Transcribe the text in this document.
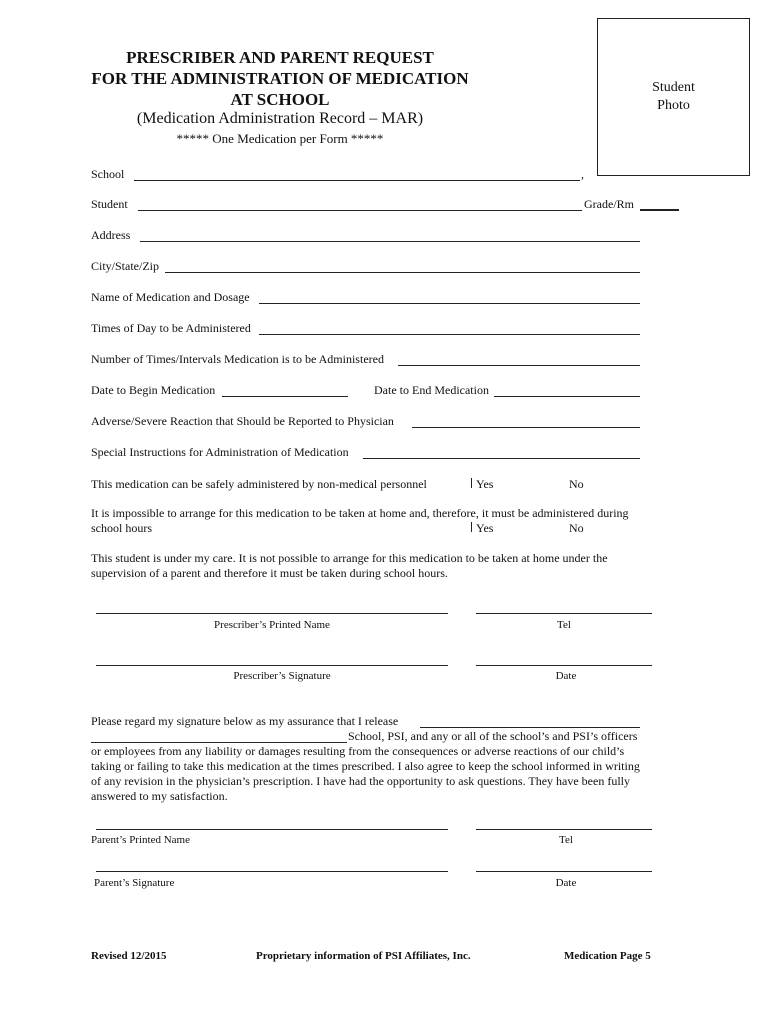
PRESCRIBER AND PARENT REQUEST
FOR THE ADMINISTRATION OF MEDICATION
AT SCHOOL
(Medication Administration Record – MAR)
***** One Medication per Form *****
Student
Photo
School	,
Student	Grade/Rm
Address
City/State/Zip
Name of Medication and Dosage
Times of Day to be Administered
Number of Times/Intervals Medication is to be Administered
Date to Begin Medication	Date to End Medication
Adverse/Severe Reaction that Should be Reported to Physician
Special Instructions for Administration of Medication
This medication can be safely administered by non-medical personnel	Yes	No
It is impossible to arrange for this medication to be taken at home and, therefore, it must be administered during
school hours	Yes	No
This student is under my care. It is not possible to arrange for this medication to be taken at home under the
supervision of a parent and therefore it must be taken during school hours.
Prescriber’s Printed Name	Tel
Prescriber’s Signature	Date
Please regard my signature below as my assurance that I release
School, PSI, and any or all of the school’s and PSI’s officers
or employees from any liability or damages resulting from the consequences or adverse reactions of our child’s
taking or failing to take this medication at the times prescribed. I also agree to keep the school informed in writing
of any revision in the physician’s prescription. I have had the opportunity to ask questions. They have been fully
answered to my satisfaction.
Parent’s Printed Name	Tel
Parent’s Signature	Date
Revised 12/2015	Proprietary information of PSI Affiliates, Inc.	Medication Page 5
